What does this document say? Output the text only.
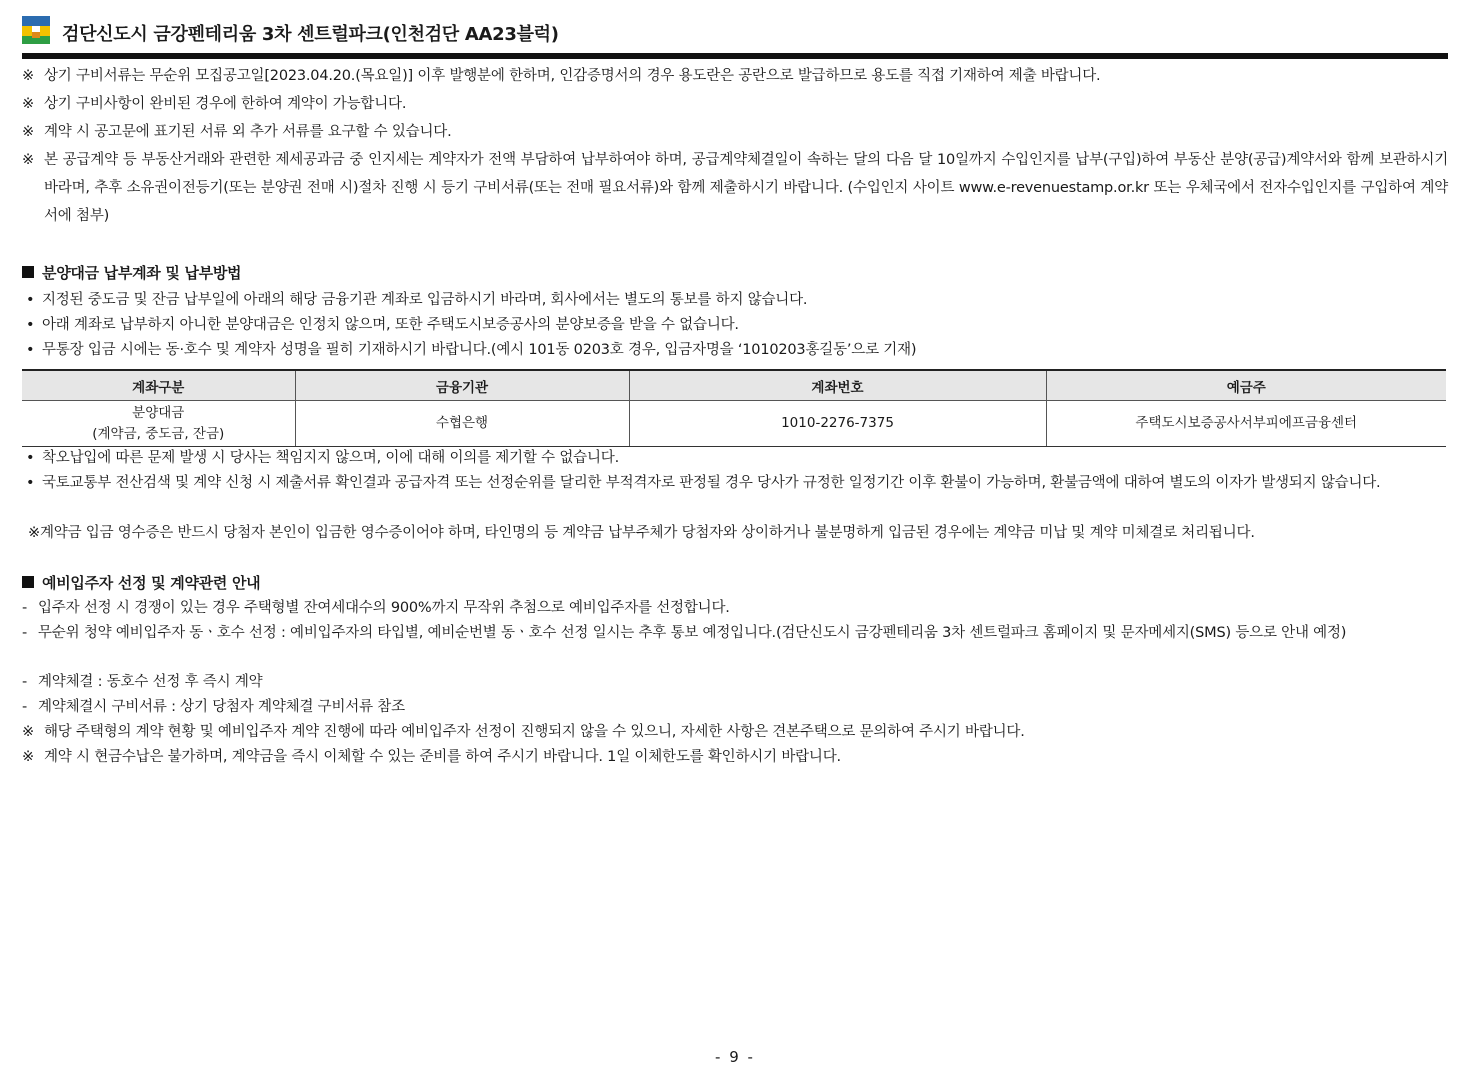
검단신도시 금강펜테리움 3차 센트럴파크(인천검단 AA23블럭)
※ 상기 구비서류는 무순위 모집공고일[2023.04.20.(목요일)] 이후 발행분에 한하며, 인감증명서의 경우 용도란은 공란으로 발급하므로 용도를 직접 기재하여 제출 바랍니다.
※ 상기 구비사항이 완비된 경우에 한하여 계약이 가능합니다.
※ 계약 시 공고문에 표기된 서류 외 추가 서류를 요구할 수 있습니다.
※ 본 공급계약 등 부동산거래와 관련한 제세공과금 중 인지세는 계약자가 전액 부담하여 납부하여야 하며, 공급계약체결일이 속하는 달의 다음 달 10일까지 수입인지를 납부(구입)하여 부동산 분양(공급)계약서와 함께 보관하시기 바라며, 추후 소유권이전등기(또는 분양권 전매 시)절차 진행 시 등기 구비서류(또는 전매 필요서류)와 함께 제출하시기 바랍니다. (수입인지 사이트 www.e-revenuestamp.or.kr 또는 우체국에서 전자수입인지를 구입하여 계약서에 첨부)
분양대금 납부계좌 및 납부방법
• 지정된 중도금 및 잔금 납부일에 아래의 해당 금융기관 계좌로 입금하시기 바라며, 회사에서는 별도의 통보를 하지 않습니다.
• 아래 계좌로 납부하지 아니한 분양대금은 인정치 않으며, 또한 주택도시보증공사의 분양보증을 받을 수 없습니다.
• 무통장 입금 시에는 동·호수 및 계약자 성명을 필히 기재하시기 바랍니다.(예시 101동 0203호 경우, 입금자명을 ‘1010203홍길동’으로 기재)
계좌구분	금융기관	계좌번호	예금주

분양대금
(계약금, 중도금, 잔금)	수협은행	1010-2276-7375	주택도시보증공사서부피에프금융센터
• 착오납입에 따른 문제 발생 시 당사는 책임지지 않으며, 이에 대해 이의를 제기할 수 없습니다.
• 국토교통부 전산검색 및 계약 신청 시 제출서류 확인결과 공급자격 또는 선정순위를 달리한 부적격자로 판정될 경우 당사가 규정한 일정기간 이후 환불이 가능하며, 환불금액에 대하여 별도의 이자가 발생되지 않습니다.
※계약금 입금 영수증은 반드시 당첨자 본인이 입금한 영수증이어야 하며, 타인명의 등 계약금 납부주체가 당첨자와 상이하거나 불분명하게 입금된 경우에는 계약금 미납 및 계약 미체결로 처리됩니다.
예비입주자 선정 및 계약관련 안내
- 입주자 선정 시 경쟁이 있는 경우 주택형별 잔여세대수의 900%까지 무작위 추첨으로 예비입주자를 선정합니다.
- 무순위 청약 예비입주자 동ㆍ호수 선정 : 예비입주자의 타입별, 예비순번별 동ㆍ호수 선정 일시는 추후 통보 예정입니다.(검단신도시 금강펜테리움 3차 센트럴파크 홈페이지 및 문자메세지(SMS) 등으로 안내 예정)
- 계약체결 : 동호수 선정 후 즉시 계약
- 계약체결시 구비서류 : 상기 당첨자 계약체결 구비서류 참조
※ 해당 주택형의 계약 현황 및 예비입주자 계약 진행에 따라 예비입주자 선정이 진행되지 않을 수 있으니, 자세한 사항은 견본주택으로 문의하여 주시기 바랍니다.
※ 계약 시 현금수납은 불가하며, 계약금을 즉시 이체할 수 있는 준비를 하여 주시기 바랍니다. 1일 이체한도를 확인하시기 바랍니다.
- 9 -
